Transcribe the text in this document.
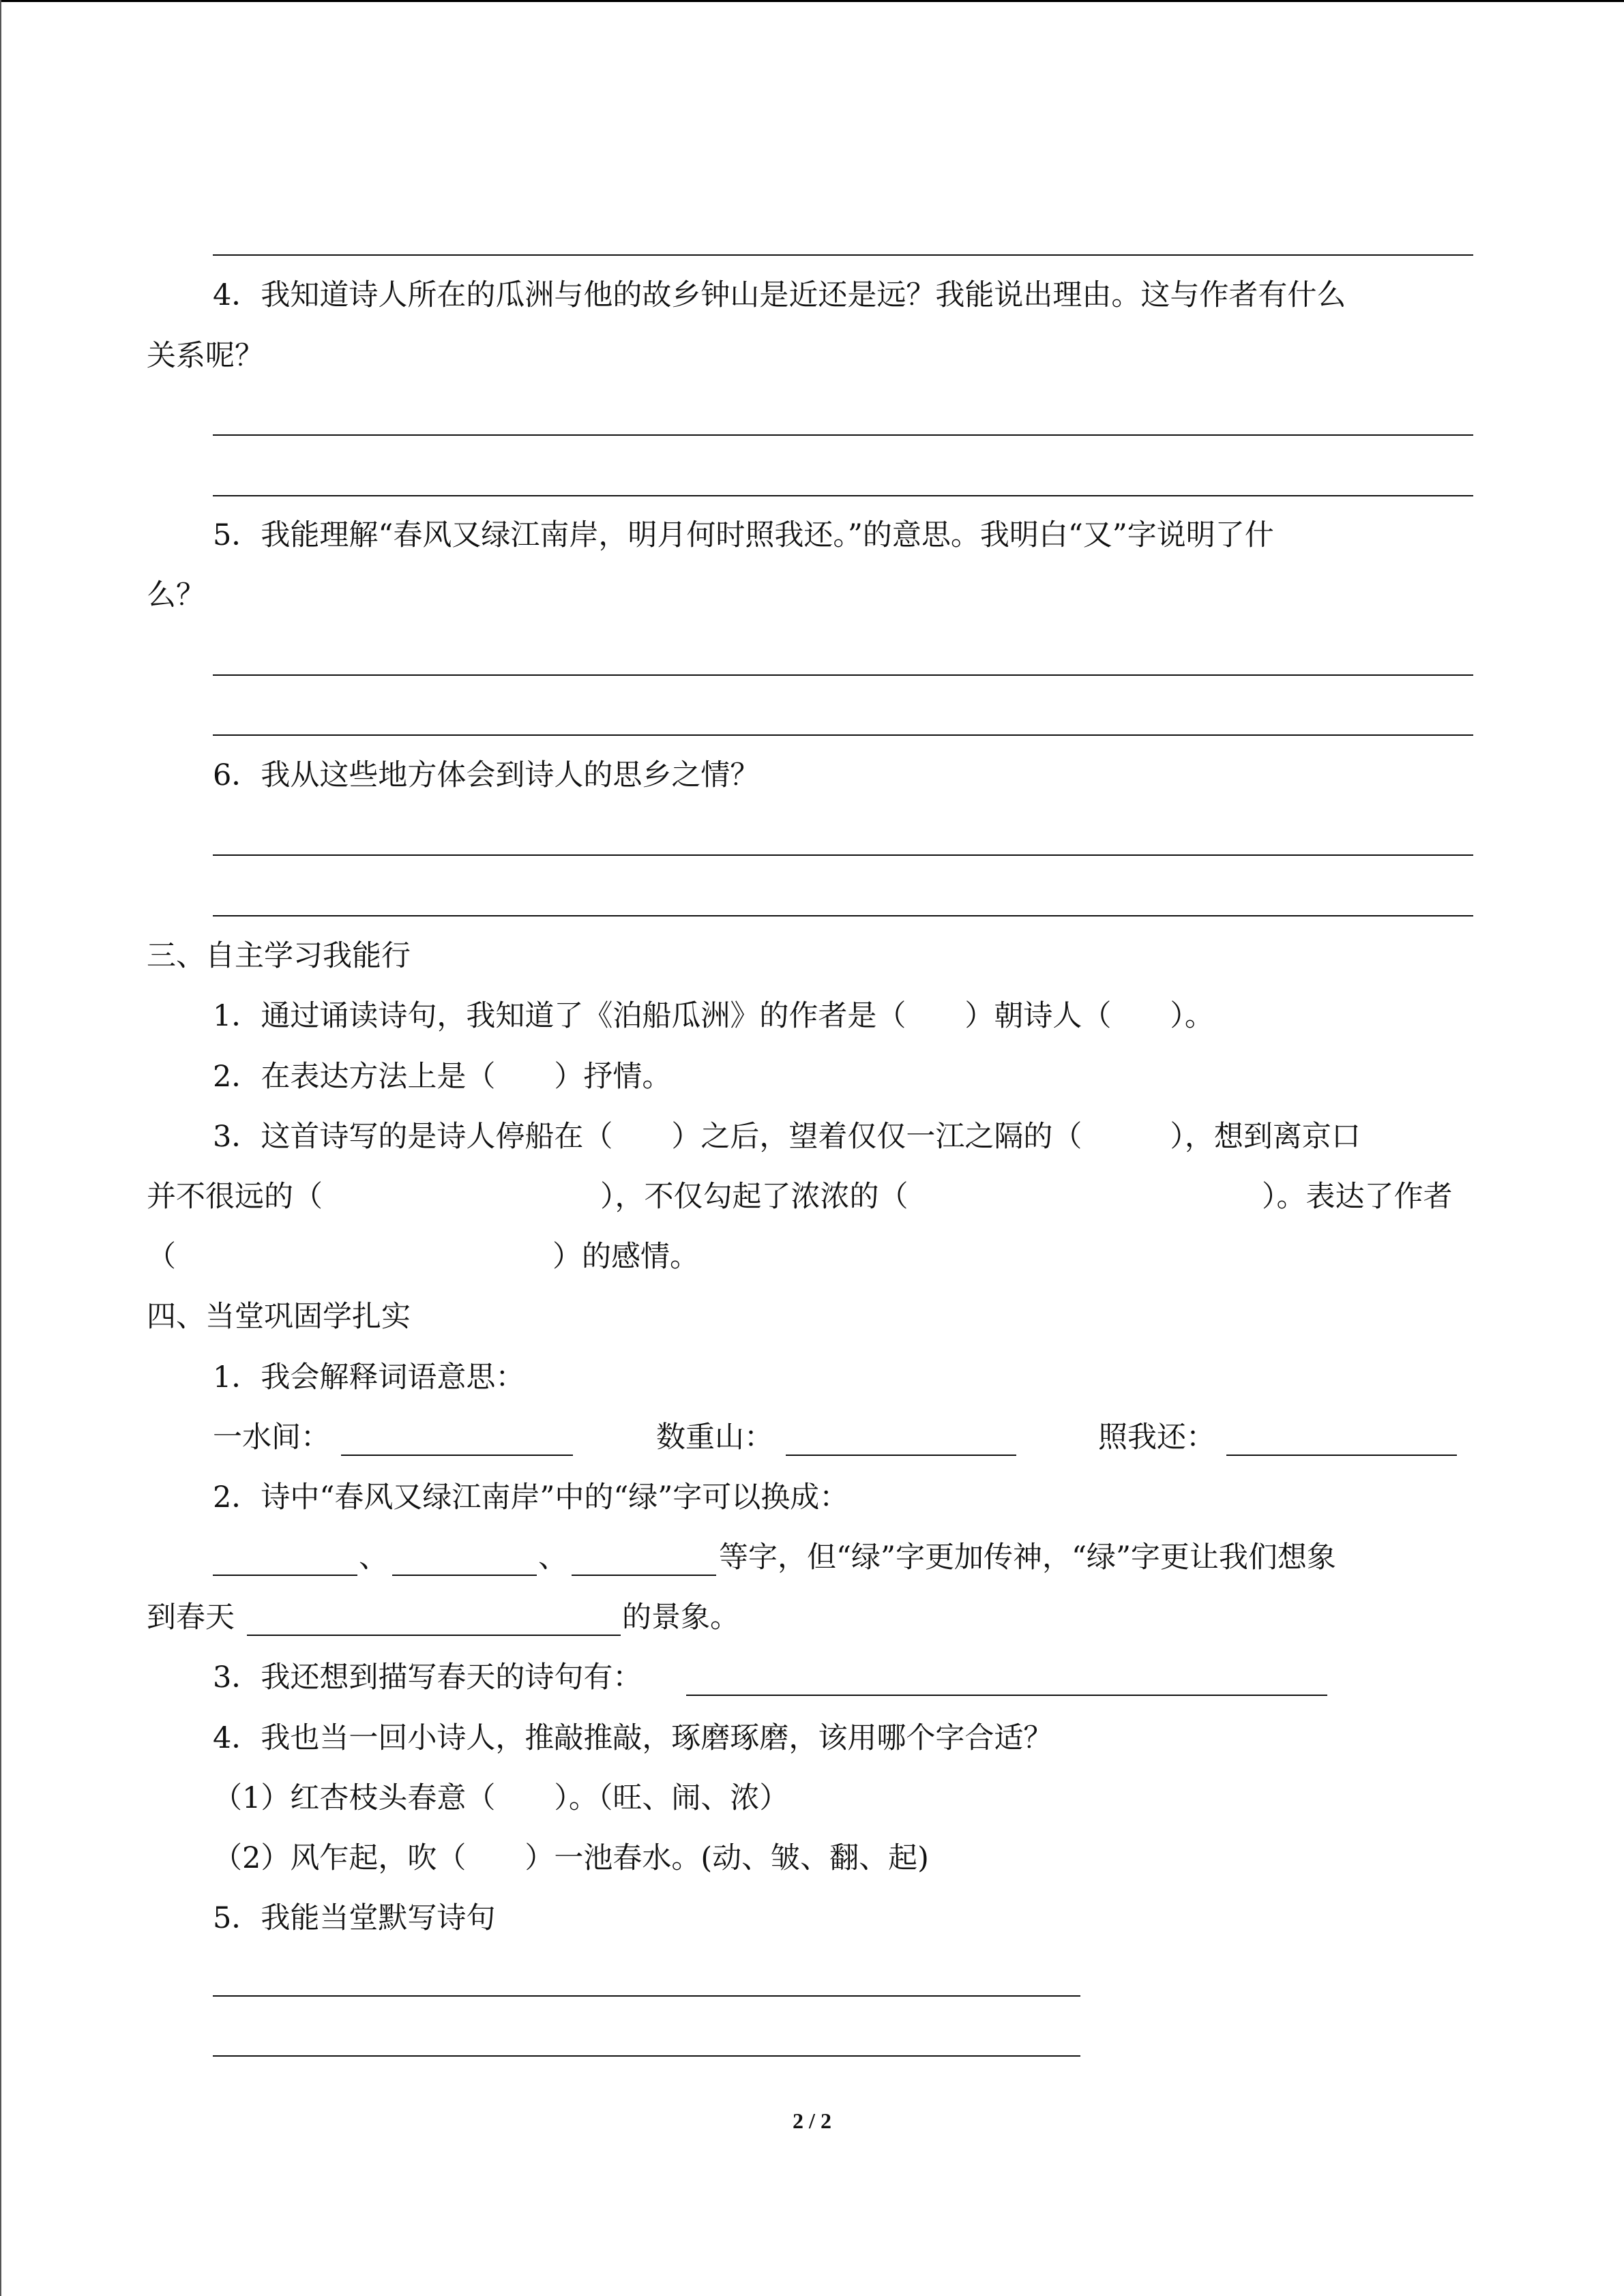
4．我知道诗人所在的瓜洲与他的故乡钟山是近还是远？我能说出理由。这与作者有什么
关系呢？
5．我能理解“春风又绿江南岸，明月何时照我还。”的意思。我明白“又”字说明了什
么？
6．我从这些地方体会到诗人的思乡之情？
三、自主学习我能行
1．通过诵读诗句，我知道了《泊船瓜洲》的作者是（　　）朝诗人（　　）。
2．在表达方法上是（　　）抒情。
3．这首诗写的是诗人停船在（　　）之后，望着仅仅一江之隔的（　　　），想到离京口
并不很远的（	），不仅勾起了浓浓的（	）。表达了作者
（	）的感情。
四、当堂巩固学扎实
1．我会解释词语意思：
一水间：	数重山：	照我还：
2．诗中“春风又绿江南岸”中的“绿”字可以换成：
、	、	等字，但“绿”字更加传神，“绿”字更让我们想象
到春天	的景象。
3．我还想到描写春天的诗句有：
4．我也当一回小诗人，推敲推敲，琢磨琢磨，该用哪个字合适？
（1）红杏枝头春意（　　）。（旺、闹、浓）
（2）风乍起，吹（　　）一池春水。(动、皱、翻、起)
5．我能当堂默写诗句
2 / 2
